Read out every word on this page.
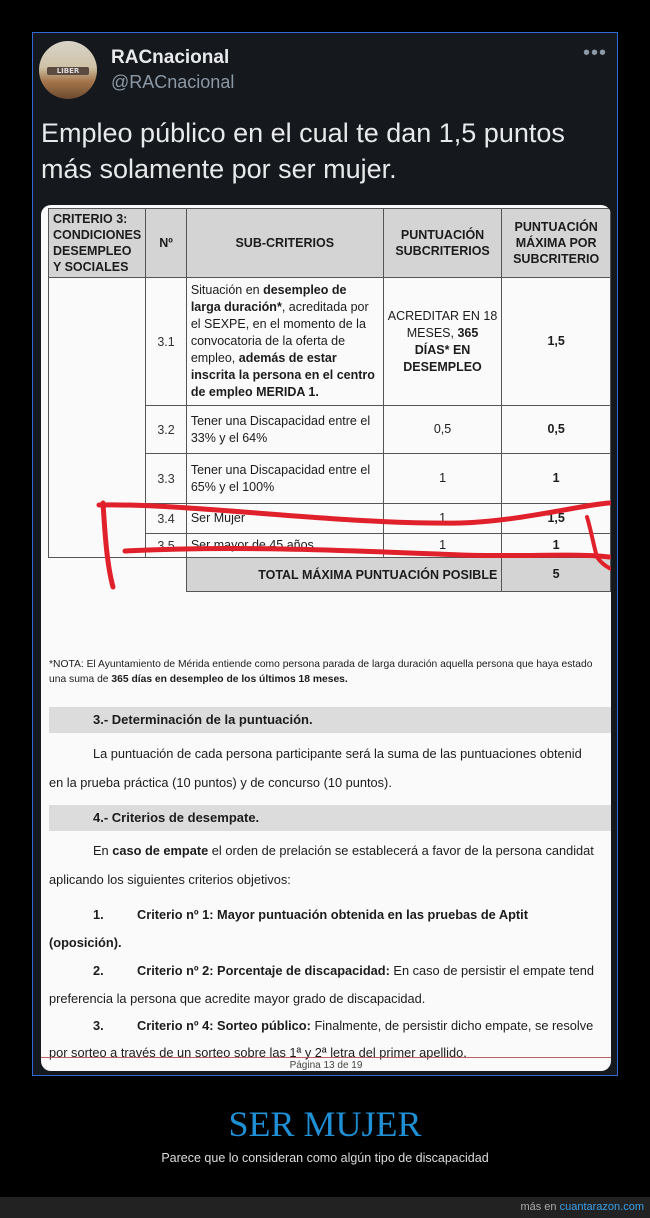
LIBER
RACnacional
@RACnacional
•••
Empleo público en el cual te dan 1,5 puntos más solamente por ser mujer.
CRITERIO 3: CONDICIONES DESEMPLEO Y SOCIALES	Nº	SUB-CRITERIOS	PUNTUACIÓN SUBCRITERIOS	PUNTUACIÓN MÁXIMA POR SUBCRITERIO
	3.1	Situación en desempleo de larga duración*, acreditada por el SEXPE, en el momento de la convocatoria de la oferta de empleo, además de estar inscrita la persona en el centro de empleo MERIDA 1.	ACREDITAR EN 18 MESES, 365 DÍAS* EN DESEMPLEO	1,5
	3.2	Tener una Discapacidad entre el 33% y el 64%	0,5	0,5
	3.3	Tener una Discapacidad entre el 65% y el 100%	1	1
	3.4	Ser Mujer	1	1,5
	3.5	Ser mayor de 45 años	1	1
		TOTAL MÁXIMA PUNTUACIÓN POSIBLE		5
*NOTA: El Ayuntamiento de Mérida entiende como persona parada de larga duración aquella persona que haya estado una suma de 365 días en desempleo de los últimos 18 meses.
3.- Determinación de la puntuación.
La puntuación de cada persona participante será la suma de las puntuaciones obtenid
en la prueba práctica (10 puntos) y de concurso (10 puntos).
4.- Criterios de desempate.
En caso de empate el orden de prelación se establecerá a favor de la persona candidat
aplicando los siguientes criterios objetivos:
1.	Criterio nº 1: Mayor puntuación obtenida en las pruebas de Aptit
(oposición).
2.	Criterio nº 2: Porcentaje de discapacidad: En caso de persistir el empate tend
preferencia la persona que acredite mayor grado de discapacidad.
3.	Criterio nº 4: Sorteo público: Finalmente, de persistir dicho empate, se resolve
por sorteo a través de un sorteo sobre las 1ª y 2ª letra del primer apellido.
Página 13 de 19
SER MUJER
Parece que lo consideran como algún tipo de discapacidad
más en cuantarazon.com
